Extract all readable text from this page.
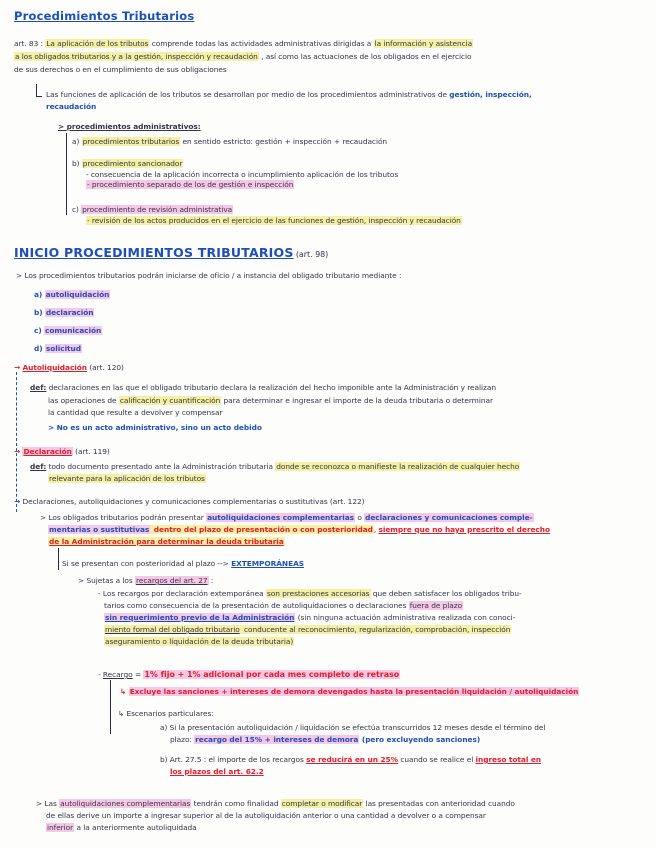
Procedimientos Tributarios
art. 83 : La aplicación de los tributos comprende todas las actividades administrativas dirigidas a la información y asistencia
a los obligados tributarios y a la gestión, inspección y recaudación , así como las actuaciones de los obligados en el ejercicio
de sus derechos o en el cumplimiento de sus obligaciones
Las funciones de aplicación de los tributos se desarrollan por medio de los procedimientos administrativos de gestión, inspección,
recaudación
> procedimientos administrativos:
a) procedimientos tributarios en sentido estricto: gestión + inspección + recaudación
b) procedimiento sancionador
- consecuencia de la aplicación incorrecta o incumplimiento aplicación de los tributos
- procedimiento separado de los de gestión e inspección
c) procedimiento de revisión administrativa
- revisión de los actos producidos en el ejercicio de las funciones de gestión, inspección y recaudación
INICIO PROCEDIMIENTOS TRIBUTARIOS (art. 98)
> Los procedimientos tributarios podrán iniciarse de oficio / a instancia del obligado tributario mediante :
a) autoliquidación
b) declaración
c) comunicación
d) solicitud
→ Autoliquidación (art. 120)
def: declaraciones en las que el obligado tributario declara la realización del hecho imponible ante la Administración y realizan
las operaciones de calificación y cuantificación para determinar e ingresar el importe de la deuda tributaria o determinar
la cantidad que resulte a devolver y compensar
> No es un acto administrativo, sino un acto debido
→ Declaración (art. 119)
def: todo documento presentado ante la Administración tributaria donde se reconozca o manifieste la realización de cualquier hecho
relevante para la aplicación de los tributos
→ Declaraciones, autoliquidaciones y comunicaciones complementarias o sustitutivas (art. 122)
> Los obligados tributarios podrán presentar autoliquidaciones complementarias o declaraciones y comunicaciones comple-
mentarias o sustitutivas dentro del plazo de presentación o con posterioridad, siempre que no haya prescrito el derecho
de la Administración para determinar la deuda tributaria
Si se presentan con posterioridad al plazo --> EXTEMPORÁNEAS
> Sujetas a los recargos del art. 27 :
- Los recargos por declaración extemporánea son prestaciones accesorias que deben satisfacer los obligados tribu-
tarios como consecuencia de la presentación de autoliquidaciones o declaraciones fuera de plazo
sin requerimiento previo de la Administración (sin ninguna actuación administrativa realizada con conoci-
miento formal del obligado tributario conducente al reconocimiento, regularización, comprobación, inspección
aseguramiento o liquidación de la deuda tributaria)
- Recargo = 1% fijo + 1% adicional por cada mes completo de retraso
↳ Excluye las sanciones + intereses de demora devengados hasta la presentación liquidación / autoliquidación
↳ Escenarios particulares:
a) Si la presentación autoliquidación / liquidación se efectúa transcurridos 12 meses desde el término del
plazo: recargo del 15% + intereses de demora (pero excluyendo sanciones)
b) Art. 27.5 : el importe de los recargos se reducirá en un 25% cuando se realice el ingreso total en
los plazos del art. 62.2
> Las autoliquidaciones complementarias tendrán como finalidad completar o modificar las presentadas con anterioridad cuando
de ellas derive un importe a ingresar superior al de la autoliquidación anterior o una cantidad a devolver o a compensar
inferior a la anteriormente autoliquidada
